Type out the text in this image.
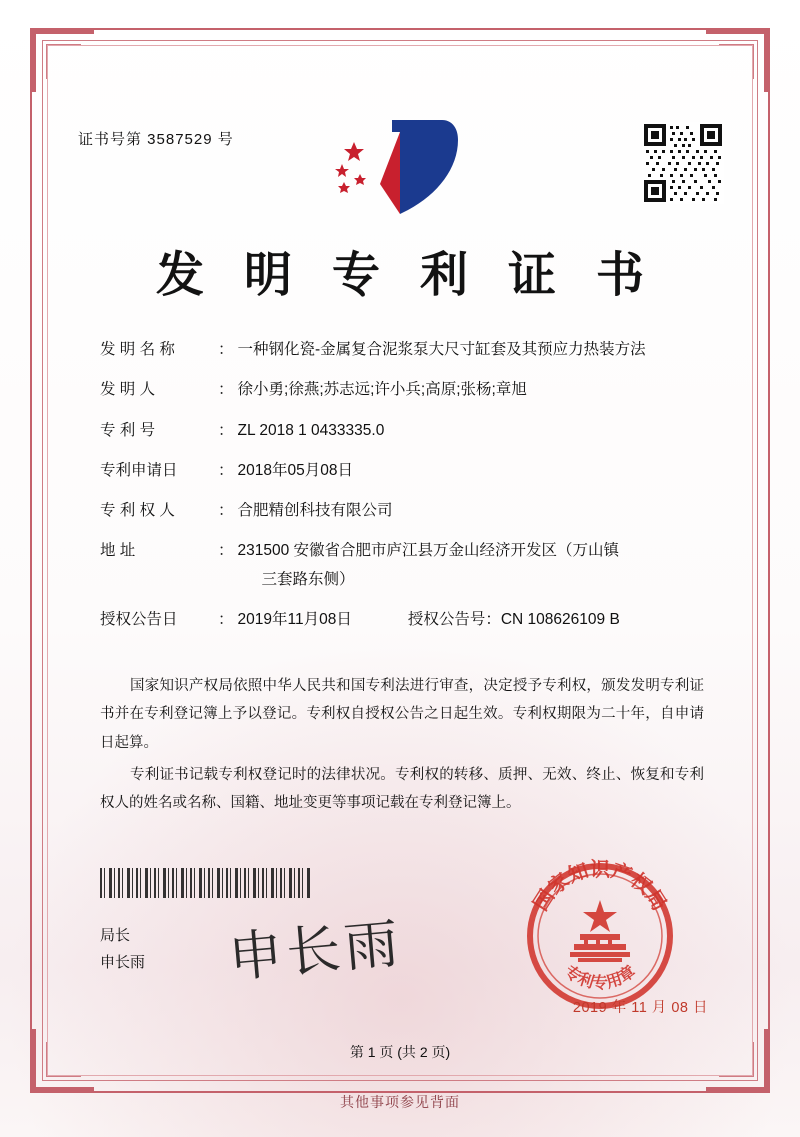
证书号第 3587529 号
发 明 专 利 证 书
发 明 名 称	： 一种钢化瓷-金属复合泥浆泵大尺寸缸套及其预应力热装方法
发 明 人	： 徐小勇;徐燕;苏志远;许小兵;高原;张杨;章旭
专 利 号	： ZL 2018 1 0433335.0
专利申请日	： 2018年05月08日
专 利 权 人	： 合肥精创科技有限公司
地 址	： 231500 安徽省合肥市庐江县万金山经济开发区（万山镇
三套路东侧）
授权公告日	： 2019年11月08日	授权公告号： CN 108626109 B

国家知识产权局依照中华人民共和国专利法进行审查，决定授予专利权，颁发发明专利证书并在专利登记簿上予以登记。专利权自授权公告之日起生效。专利权期限为二十年，自申请日起算。

专利证书记载专利权登记时的法律状况。专利权的转移、质押、无效、终止、恢复和专利权人的姓名或名称、国籍、地址变更等事项记载在专利登记簿上。

局长
申长雨 申长雨
国家知识产权局
专利专用章
2019 年 11 月 08 日
第 1 页 (共 2 页)
其他事项参见背面
